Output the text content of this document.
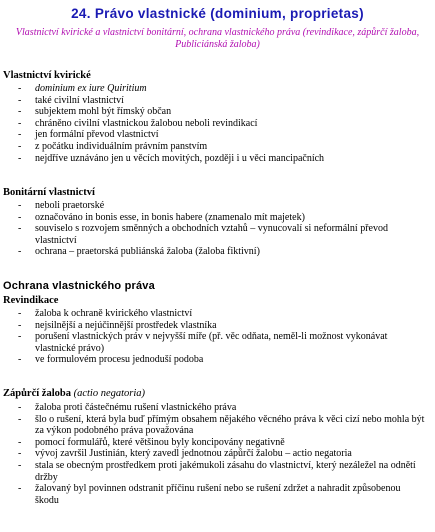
24. Právo vlastnické (dominium, proprietas)
Vlastnictví kvirické a vlastnictví bonitární, ochrana vlastnického práva (revindikace, zápůrčí žaloba, Publiciánská žaloba)
Vlastnictví kvirické
- dominium ex iure Quiritium
- také civilní vlastnictví
- subjektem mohl být římský občan
- chráněno civilní vlastnickou žalobou neboli revindikací
- jen formální převod vlastnictví
- z počátku individuálním právním panstvím
- nejdříve uznáváno jen u věcích movitých, později i u věci mancipačních
Bonitární vlastnictví
- neboli praetorské
- označováno in bonis esse, in bonis habere (znamenalo mít majetek)
- souviselo s rozvojem směnných a obchodních vztahů – vynucovalí si neformální převod vlastnictví
- ochrana – praetorská publiánská žaloba (žaloba fiktivní)
Ochrana vlastnického práva
Revindikace
- žaloba k ochraně kvirického vlastnictví
- nejsilnější a nejúčinnější prostředek vlastníka
- porušení vlastnických práv v nejvyšší míře (př. věc odňata, neměl-li možnost vykonávat vlastnické právo)
- ve formulovém procesu jednoduší podoba
Zápůrčí žaloba (actio negatoria)
- žaloba proti částečnému rušení vlastnického práva
- šlo o rušení, která byla buď přímým obsahem nějakého věcného práva k věci cizí nebo mohla být za výkon podobného práva považována
- pomocí formulářů, které většinou byly koncipovány negativně
- vývoj završil Justinián, který zavedl jednotnou zápůrčí žalobu – actio negatoria
- stala se obecným prostředkem proti jakémukoli zásahu do vlastnictví, který nezáležel na odnětí držby
- žalovaný byl povinnen odstranit příčinu rušení nebo se rušení zdržet a nahradit způsobenou škodu
